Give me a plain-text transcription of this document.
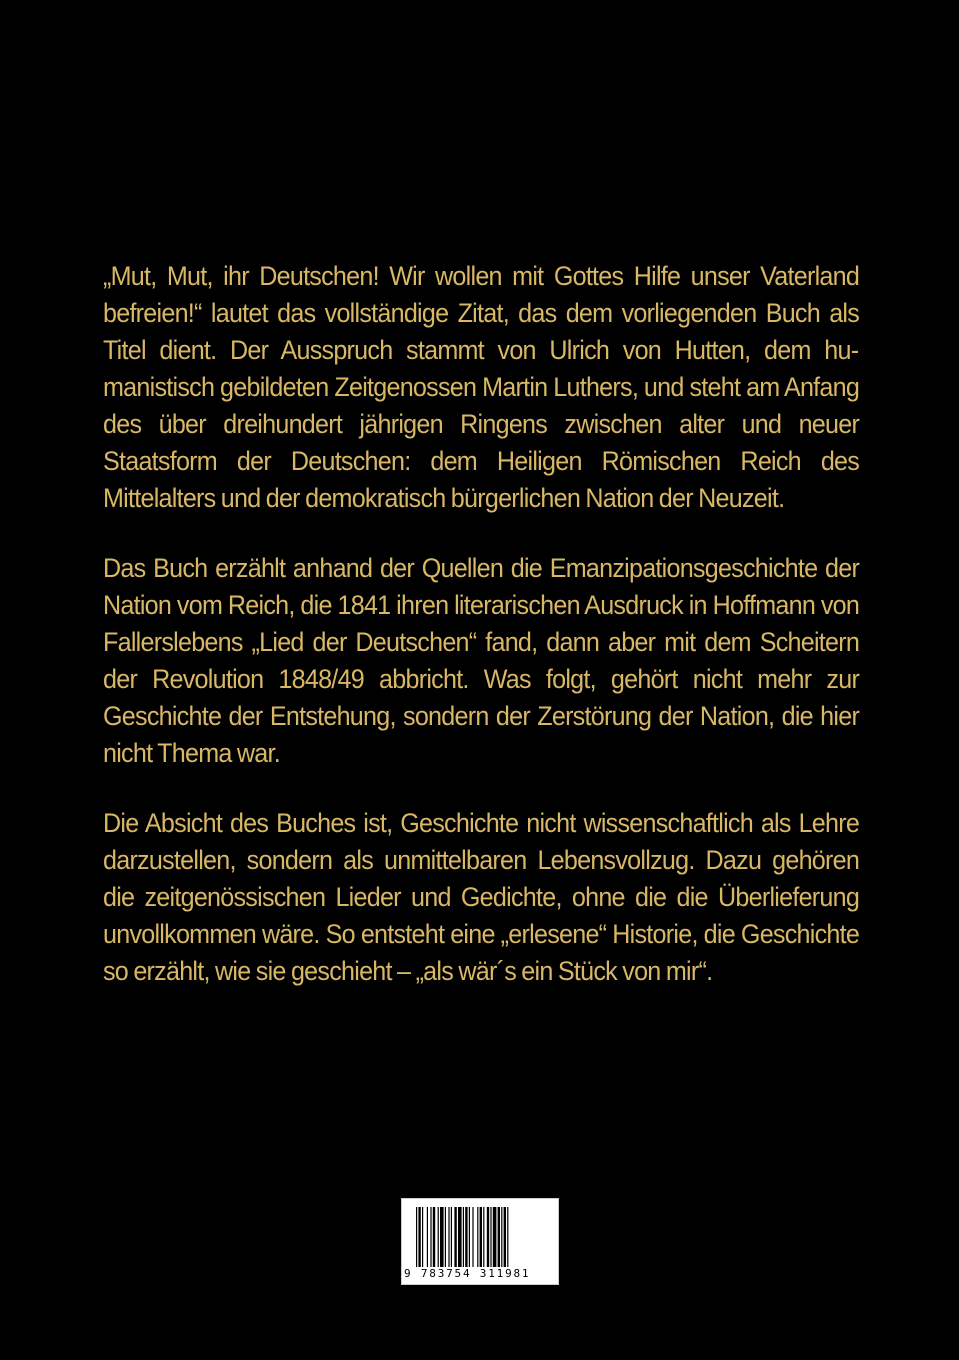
„Mut, Mut, ihr Deutschen! Wir wollen mit Gottes Hilfe unser Vaterland befreien!“ lautet das vollständige Zitat, das dem vorliegenden Buch als Titel dient. Der Ausspruch stammt von Ulrich von Hutten, dem humanistisch gebildeten Zeitgenossen Martin Luthers, und steht am Anfang des über dreihundert jährigen Ringens zwischen alter und neuer Staatsform der Deutschen: dem Heiligen Römischen Reich des Mittelalters und der demokratisch bürgerlichen Nation der Neuzeit.

Das Buch erzählt anhand der Quellen die Emanzipationsgeschichte der Nation vom Reich, die 1841 ihren literarischen Ausdruck in Hoffmann von Fallerslebens „Lied der Deutschen“ fand, dann aber mit dem Scheitern der Revolution 1848/49 abbricht. Was folgt, gehört nicht mehr zur Geschichte der Entstehung, sondern der Zerstörung der Nation, die hier nicht Thema war.

Die Absicht des Buches ist, Geschichte nicht wissenschaftlich als Lehre darzustellen, sondern als unmittelbaren Lebensvollzug. Dazu gehören die zeitgenössischen Lieder und Gedichte, ohne die die Überlieferung unvollkommen wäre. So entsteht eine „erlesene“ Historie, die Geschichte so erzählt, wie sie geschieht – „als wär´s ein Stück von mir“.

9 783754 311981
